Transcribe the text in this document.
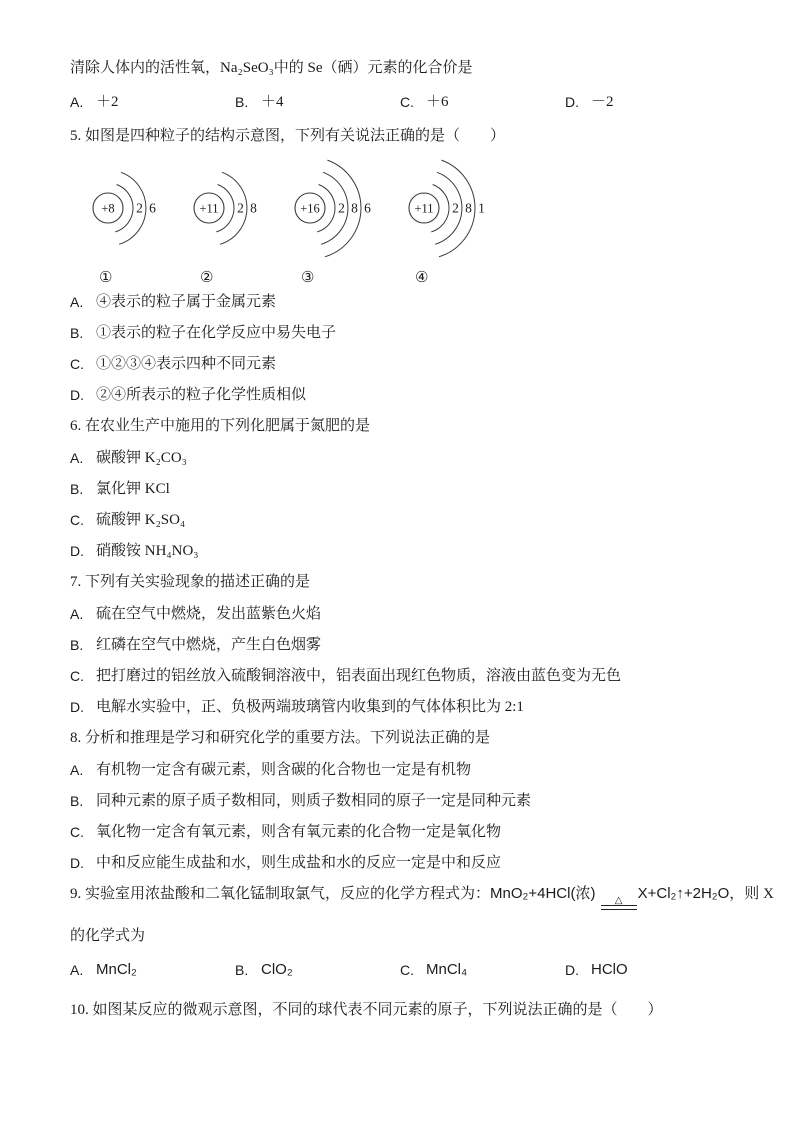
清除人体内的活性氧，Na₂SeO₃中的 Se（硒）元素的化合价是

A. ＋2	B. ＋4	C. ＋6	D. －2

5. 如图是四种粒子的结构示意图，下列有关说法正确的是（　　）

+8 2 6
①
+11 2 8
②
+16 2 8 6
③
+11 2 8 1
④
A. ④表示的粒子属于金属元素
B. ①表示的粒子在化学反应中易失电子
C. ①②③④表示四种不同元素
D. ②④所表示的粒子化学性质相似

6. 在农业生产中施用的下列化肥属于氮肥的是

A. 碳酸钾 K₂CO₃
B. 氯化钾 KCl
C. 硫酸钾 K₂SO₄
D. 硝酸铵 NH₄NO₃

7. 下列有关实验现象的描述正确的是

A. 硫在空气中燃烧，发出蓝紫色火焰
B. 红磷在空气中燃烧，产生白色烟雾
C. 把打磨过的铝丝放入硫酸铜溶液中，铝表面出现红色物质，溶液由蓝色变为无色
D. 电解水实验中，正、负极两端玻璃管内收集到的气体体积比为 2:1

8. 分析和推理是学习和研究化学的重要方法。下列说法正确的是

A. 有机物一定含有碳元素，则含碳的化合物也一定是有机物
B. 同种元素的原子质子数相同，则质子数相同的原子一定是同种元素
C. 氧化物一定含有氧元素，则含有氧元素的化合物一定是氧化物
D. 中和反应能生成盐和水，则生成盐和水的反应一定是中和反应

9. 实验室用浓盐酸和二氧化锰制取氯气，反应的化学方程式为：MnO₂+4HCl(浓) △ X+Cl₂↑+2H₂O，则 X

的化学式为

A. MnCl₂	B. ClO₂	C. MnCl₄	D. HClO

10. 如图某反应的微观示意图，不同的球代表不同元素的原子，下列说法正确的是（　　）
